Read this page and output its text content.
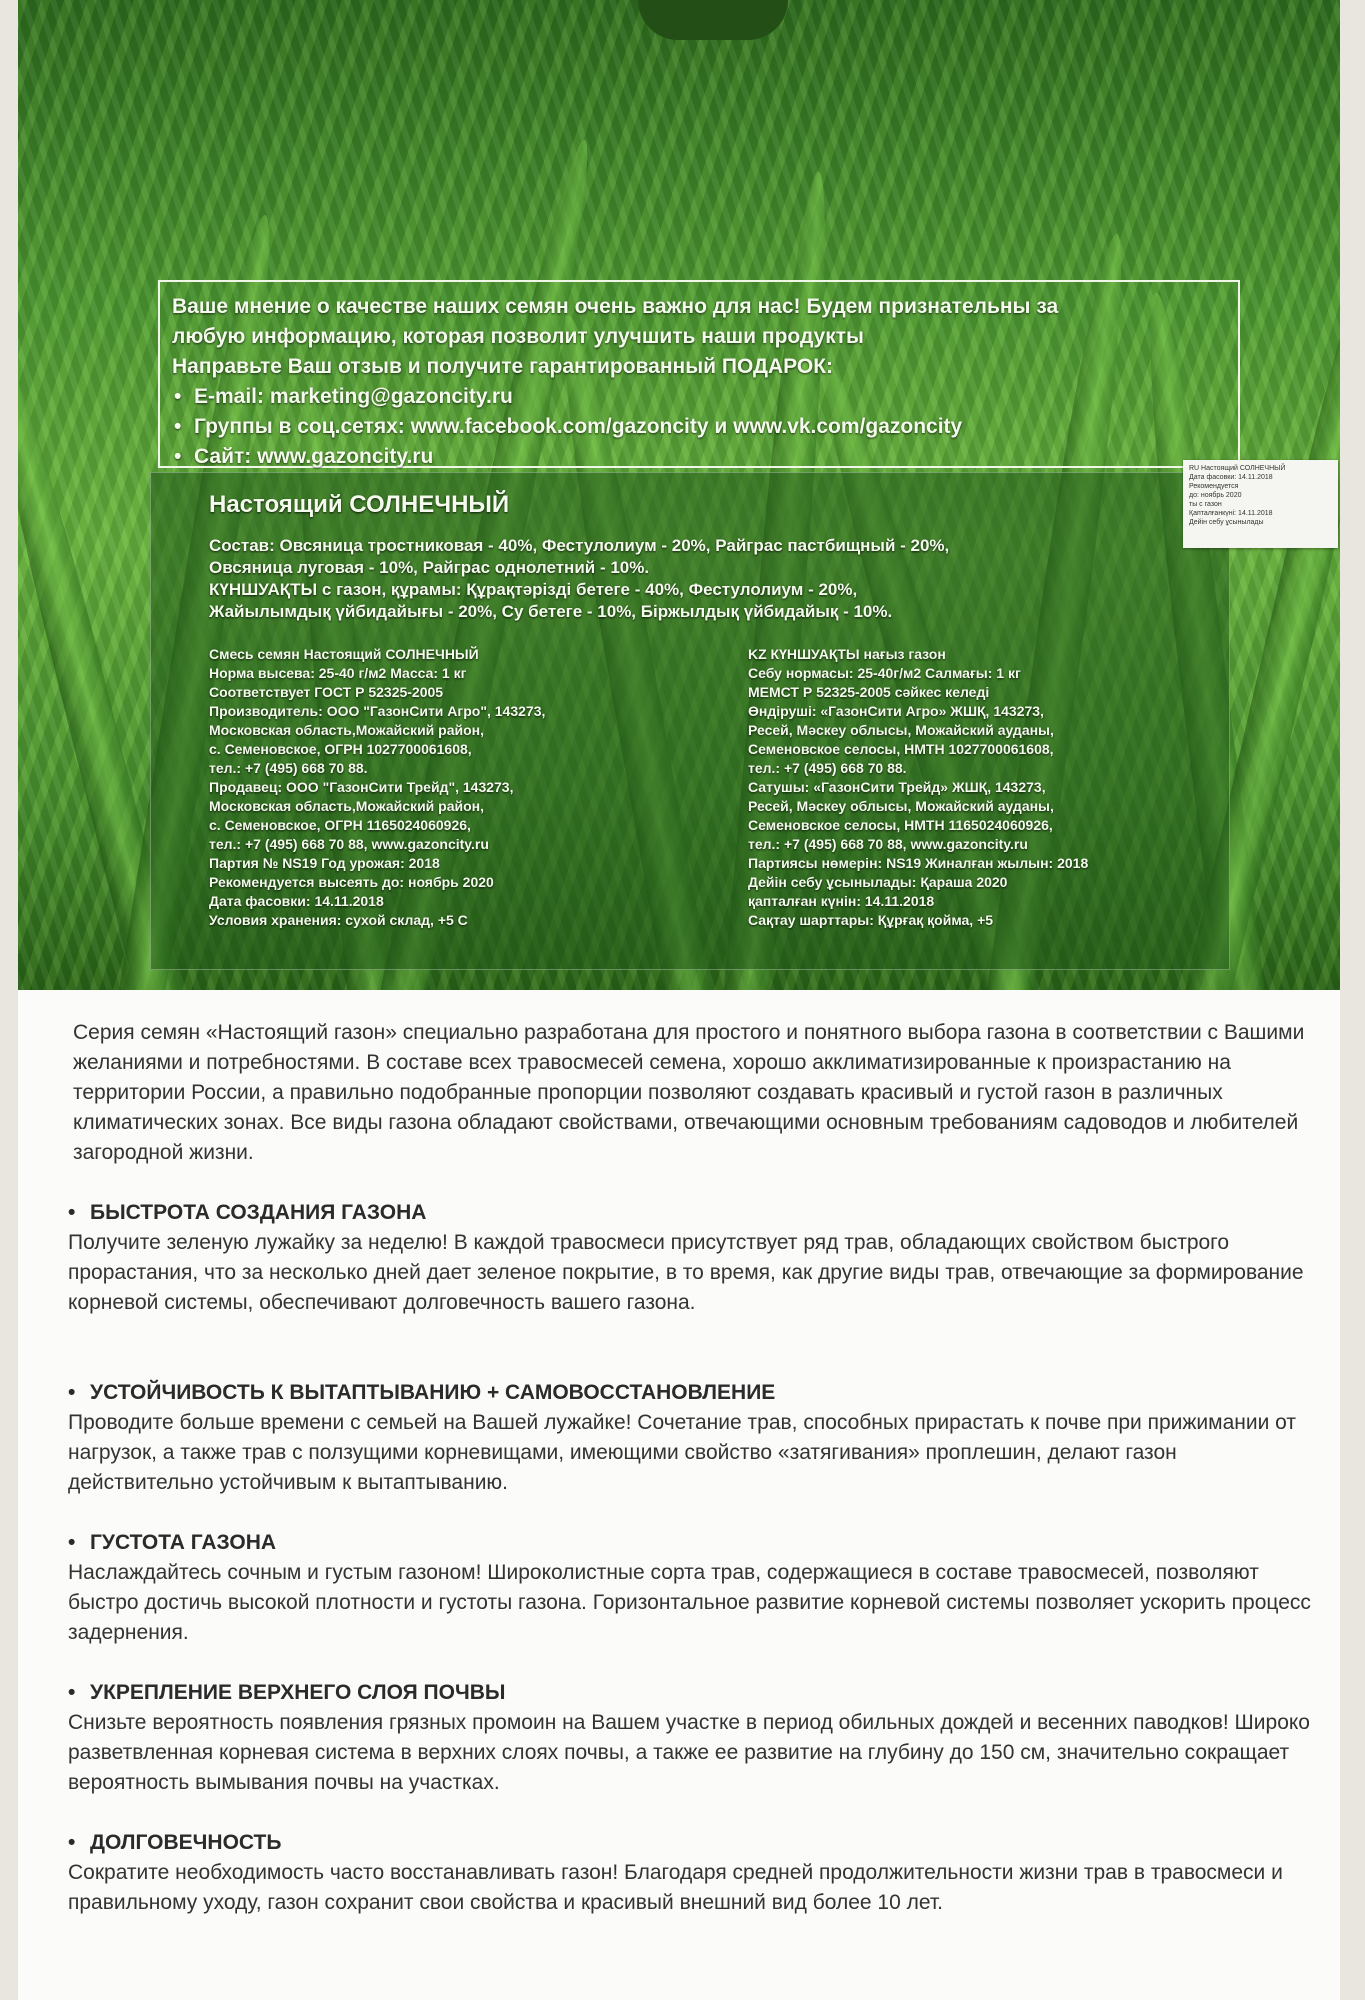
Ваше мнение о качестве наших семян очень важно для нас! Будем признательны за
любую информацию, которая позволит улучшить наши продукты
Направьте Ваш отзыв и получите гарантированный ПОДАРОК:
• E-mail: marketing@gazoncity.ru
• Группы в соц.сетях: www.facebook.com/gazoncity и www.vk.com/gazoncity
• Сайт: www.gazoncity.ru
Настоящий СОЛНЕЧНЫЙ
Состав: Овсяница тростниковая - 40%, Фестулолиум - 20%, Райграс пастбищный - 20%,
Овсяница луговая - 10%, Райграс однолетний - 10%.
КҮНШУАҚТЫ с газон, құрамы: Құрақтәрізді бетеге - 40%, Фестулолиум - 20%,
Жайылымдық үйбидайығы - 20%, Су бетеге - 10%, Біржылдық үйбидайық - 10%.
Смесь семян Настоящий СОЛНЕЧНЫЙ
Норма высева: 25-40 г/м2 Масса: 1 кг
Соответствует ГОСТ Р 52325-2005
Производитель: ООО "ГазонСити Агро", 143273,
Московская область,Можайский район,
с. Семеновское, ОГРН 1027700061608,
тел.: +7 (495) 668 70 88.
Продавец: ООО "ГазонСити Трейд", 143273,
Московская область,Можайский район,
с. Семеновское, ОГРН 1165024060926,
тел.: +7 (495) 668 70 88, www.gazoncity.ru
Партия № NS19 Год урожая: 2018
Рекомендуется высеять до: ноябрь 2020
Дата фасовки: 14.11.2018
Условия хранения: сухой склад, +5 С
KZ КҮНШУАҚТЫ нағыз газон
Себу нормасы: 25-40г/м2 Салмағы: 1 кг
МЕМСТ Р 52325-2005 сәйкес келеді
Өндіруші: «ГазонСити Агро» ЖШҚ, 143273,
Ресей, Мәскеу облысы, Можайский ауданы,
Семеновское селосы, НМТН 1027700061608,
тел.: +7 (495) 668 70 88.
Сатушы: «ГазонСити Трейд» ЖШҚ, 143273,
Ресей, Мәскеу облысы, Можайский ауданы,
Семеновское селосы, НМТН 1165024060926,
тел.: +7 (495) 668 70 88, www.gazoncity.ru
Партиясы нөмерін: NS19 Жиналған жылын: 2018
Дейін себу ұсынылады: Қараша 2020
қапталған күнін: 14.11.2018
Сақтау шарттары: Құрғақ қойма, +5
RU Настоящий СОЛНЕЧНЫЙ
Дата фасовки: 14.11.2018
Рекомендуется
до: ноябрь 2020
ты с газон
Қапталғанкүні: 14.11.2018
Дейін себу ұсынылады

Серия семян «Настоящий газон» специально разработана для простого и понятного выбора газона в соответствии с Вашими желаниями и потребностями. В составе всех травосмесей семена, хорошо акклиматизированные к произрастанию на территории России, а правильно подобранные пропорции позволяют создавать красивый и густой газон в различных климатических зонах. Все виды газона обладают свойствами, отвечающими основным требованиям садоводов и любителей загородной жизни.

• БЫСТРОТА СОЗДАНИЯ ГАЗОНА

Получите зеленую лужайку за неделю! В каждой травосмеси присутствует ряд трав, обладающих свойством быстрого прорастания, что за несколько дней дает зеленое покрытие, в то время, как другие виды трав, отвечающие за формирование корневой системы, обеспечивают долговечность вашего газона.

• УСТОЙЧИВОСТЬ К ВЫТАПТЫВАНИЮ + САМОВОССТАНОВЛЕНИЕ

Проводите больше времени с семьей на Вашей лужайке! Сочетание трав, способных прирастать к почве при прижимании от нагрузок, а также трав с ползущими корневищами, имеющими свойство «затягивания» проплешин, делают газон действительно устойчивым к вытаптыванию.

• ГУСТОТА ГАЗОНА

Наслаждайтесь сочным и густым газоном! Широколистные сорта трав, содержащиеся в составе травосмесей, позволяют быстро достичь высокой плотности и густоты газона. Горизонтальное развитие корневой системы позволяет ускорить процесс задернения.

• УКРЕПЛЕНИЕ ВЕРХНЕГО СЛОЯ ПОЧВЫ

Снизьте вероятность появления грязных промоин на Вашем участке в период обильных дождей и весенних паводков! Широко разветвленная корневая система в верхних слоях почвы, а также ее развитие на глубину до 150 см, значительно сокращает вероятность вымывания почвы на участках.

• ДОЛГОВЕЧНОСТЬ

Сократите необходимость часто восстанавливать газон! Благодаря средней продолжительности жизни трав в травосмеси и правильному уходу, газон сохранит свои свойства и красивый внешний вид более 10 лет.
